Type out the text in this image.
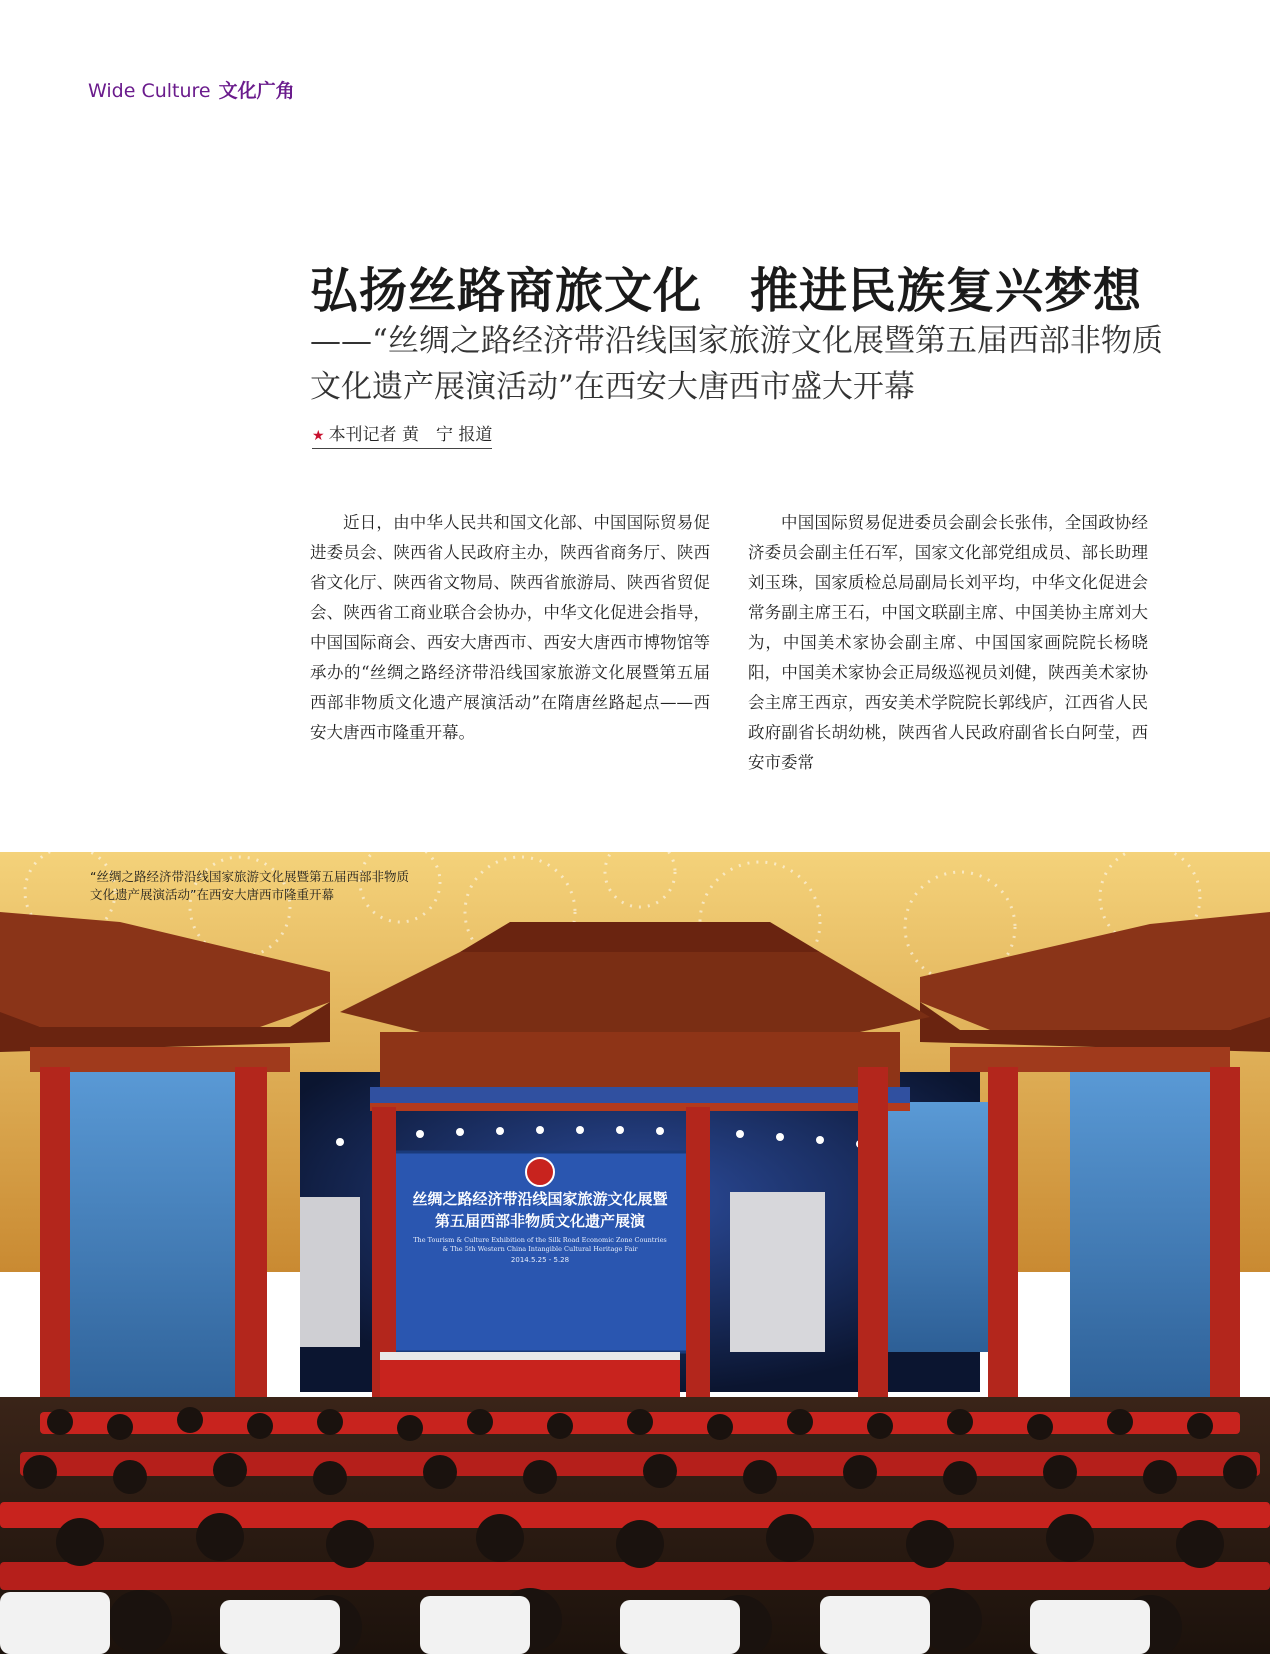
Wide Culture 文化广角
弘扬丝路商旅文化 推进民族复兴梦想
——“丝绸之路经济带沿线国家旅游文化展暨第五届西部非物质文化遗产展演活动”在西安大唐西市盛大开幕
★ 本刊记者 黄　宁 报道

近日，由中华人民共和国文化部、中国国际贸易促进委员会、陕西省人民政府主办，陕西省商务厅、陕西省文化厅、陕西省文物局、陕西省旅游局、陕西省贸促会、陕西省工商业联合会协办，中华文化促进会指导，中国国际商会、西安大唐西市、西安大唐西市博物馆等承办的“丝绸之路经济带沿线国家旅游文化展暨第五届西部非物质文化遗产展演活动”在隋唐丝路起点——西安大唐西市隆重开幕。

中国国际贸易促进委员会副会长张伟，全国政协经济委员会副主任石军，国家文化部党组成员、部长助理刘玉珠，国家质检总局副局长刘平均，中华文化促进会常务副主席王石，中国文联副主席、中国美协主席刘大为，中国美术家协会副主席、中国国家画院院长杨晓阳，中国美术家协会正局级巡视员刘健，陕西美术家协会主席王西京，西安美术学院院长郭线庐，江西省人民政府副省长胡幼桃，陕西省人民政府副省长白阿莹，西安市委常

丝绸之路经济带沿线国家旅游文化展暨
第五届西部非物质文化遗产展演
The Tourism & Culture Exhibition of the Silk Road Economic Zone Countries
& The 5th Western China Intangible Cultural Heritage Fair
2014.5.25 - 5.28

“丝绸之路经济带沿线国家旅游文化展暨第五届西部非物质

文化遗产展演活动”在西安大唐西市隆重开幕
